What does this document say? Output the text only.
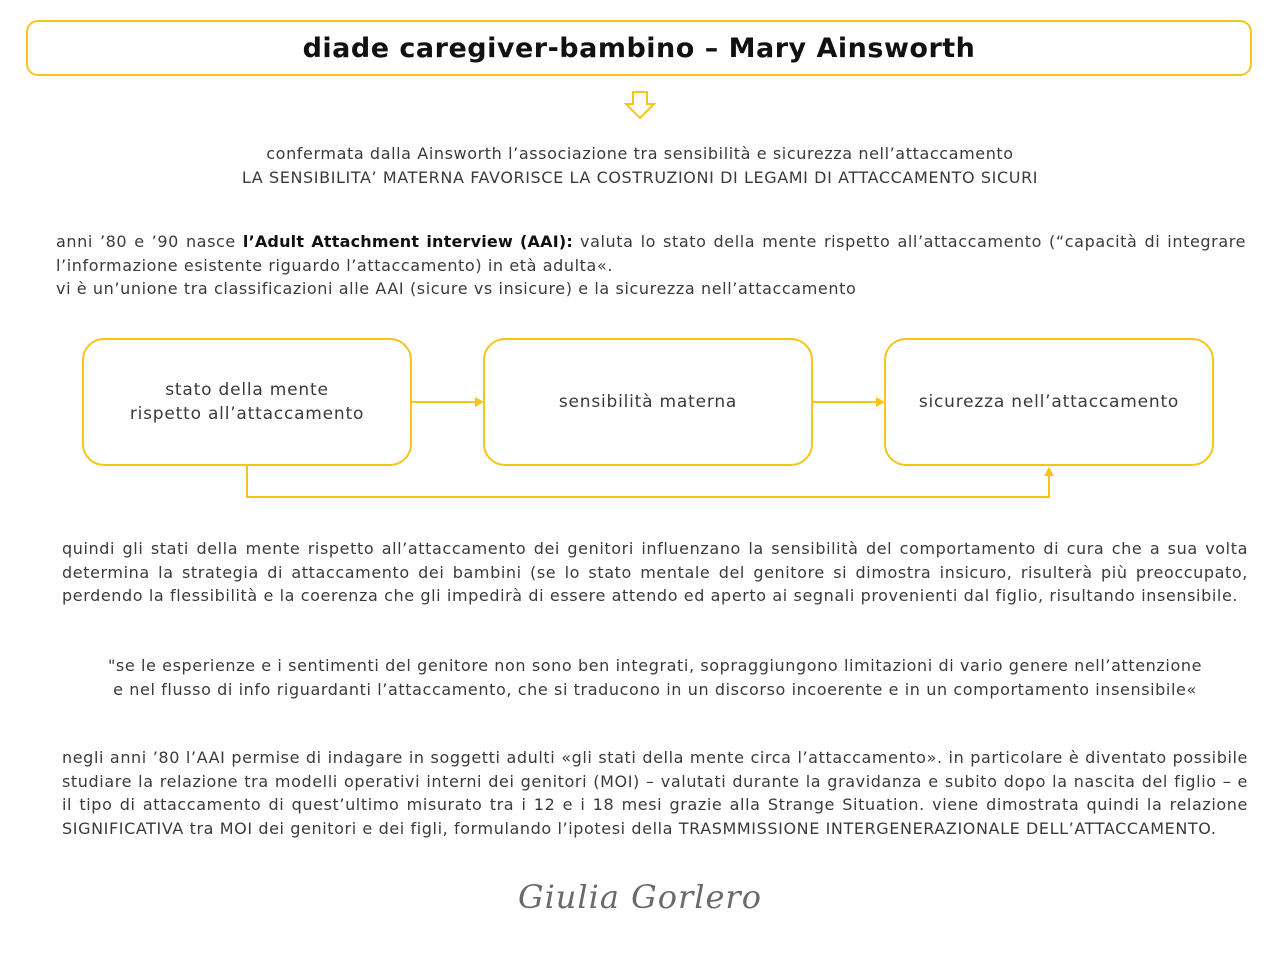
diade caregiver-bambino – Mary Ainsworth
confermata dalla Ainsworth l’associazione tra sensibilità e sicurezza nell’attaccamento
LA SENSIBILITA’ MATERNA FAVORISCE LA COSTRUZIONI DI LEGAMI DI ATTACCAMENTO SICURI
anni ’80 e ’90 nasce l’Adult Attachment interview (AAI): valuta lo stato della mente rispetto all’attaccamento (“capacità di integrare l’informazione esistente riguardo l’attaccamento) in età adulta«.
vi è un’unione tra classificazioni alle AAI (sicure vs insicure) e la sicurezza nell’attaccamento
stato della mente
rispetto all’attaccamento
sensibilità materna	sicurezza nell’attaccamento
quindi gli stati della mente rispetto all’attaccamento dei genitori influenzano la sensibilità del comportamento di cura che a sua volta determina la strategia di attaccamento dei bambini (se lo stato mentale del genitore si dimostra insicuro, risulterà più preoccupato, perdendo la flessibilità e la coerenza che gli impedirà di essere attendo ed aperto ai segnali provenienti dal figlio, risultando insensibile.
"se le esperienze e i sentimenti del genitore non sono ben integrati, sopraggiungono limitazioni di vario genere nell’attenzione e nel flusso di info riguardanti l’attaccamento, che si traducono in un discorso incoerente e in un comportamento insensibile«
negli anni ’80 l’AAI permise di indagare in soggetti adulti «gli stati della mente circa l’attaccamento». in particolare è diventato possibile studiare la relazione tra modelli operativi interni dei genitori (MOI) – valutati durante la gravidanza e subito dopo la nascita del figlio – e il tipo di attaccamento di quest’ultimo misurato tra i 12 e i 18 mesi grazie alla Strange Situation. viene dimostrata quindi la relazione SIGNIFICATIVA tra MOI dei genitori e dei figli, formulando l’ipotesi della TRASMMISSIONE INTERGENERAZIONALE DELL’ATTACCAMENTO.
Giulia Gorlero
